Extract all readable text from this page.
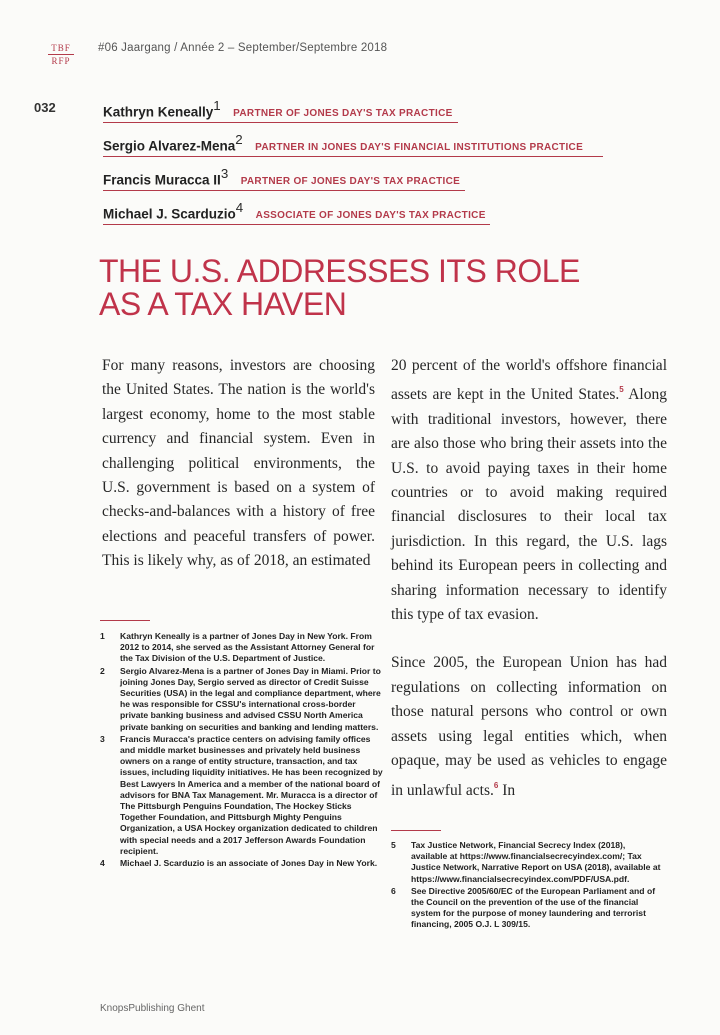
TBF
RFP
#06 Jaargang / Année 2 – September/Septembre 2018
032	Kathryn Keneally$^1$ PARTNER OF JONES DAY'S TAX PRACTICE
Sergio Alvarez-Mena$^2$ PARTNER IN JONES DAY'S FINANCIAL INSTITUTIONS PRACTICE
Francis Muracca $II^3$ PARTNER OF JONES DAY'S TAX PRACTICE
Michael J. Scarduzio$^4$ ASSOCIATE OF JONES DAY'S TAX PRACTICE
THE U.S. ADDRESSES ITS ROLE
AS A TAX HAVEN

For many reasons, investors are choosing the United States. The nation is the world's largest economy, home to the most stable currency and financial system. Even in challenging political environments, the U.S. government is based on a system of checks-and-balances with a history of free elections and peaceful transfers of power. This is likely why, as of 2018, an estimated

20 percent of the world's offshore financial assets are kept in the United States.$^5$ Along with traditional investors, however, there are also those who bring their assets into the U.S. to avoid paying taxes in their home countries or to avoid making required financial disclosures to their local tax jurisdiction. In this regard, the U.S. lags behind its European peers in collecting and sharing information necessary to identify this type of tax evasion.

Since 2005, the European Union has had regulations on collecting information on those natural persons who control or own assets using legal entities which, when opaque, may be used as vehicles to engage in unlawful acts.$^6$ In

1	Kathryn Keneally is a partner of Jones Day in New York. From 2012 to 2014, she served as the Assistant Attorney General for the Tax Division of the U.S. Department of Justice.
2	Sergio Alvarez-Mena is a partner of Jones Day in Miami. Prior to joining Jones Day, Sergio served as director of Credit Suisse Securities (USA) in the legal and compliance department, where he was responsible for CSSU's international cross-border private banking business and advised CSSU North America private banking on securities and banking and lending matters.
3	Francis Muracca's practice centers on advising family offices and middle market businesses and privately held business owners on a range of entity structure, transaction, and tax issues, including liquidity initiatives. He has been recognized by Best Lawyers In America and a member of the national board of advisors for BNA Tax Management. Mr. Muracca is a director of The Pittsburgh Penguins Foundation, The Hockey Sticks Together Foundation, and Pittsburgh Mighty Penguins Organization, a USA Hockey organization dedicated to children with special needs and a 2017 Jefferson Awards Foundation recipient.
4	Michael J. Scarduzio is an associate of Jones Day in New York.
5	Tax Justice Network, Financial Secrecy Index (2018), available at https://www.financialsecrecyindex.com/; Tax Justice Network, Narrative Report on USA (2018), available at https://www.financialsecrecyindex.com/PDF/USA.pdf.
6	See Directive 2005/60/EC of the European Parliament and of the Council on the prevention of the use of the financial system for the purpose of money laundering and terrorist financing, 2005 O.J. L 309/15.
KnopsPublishing Ghent
